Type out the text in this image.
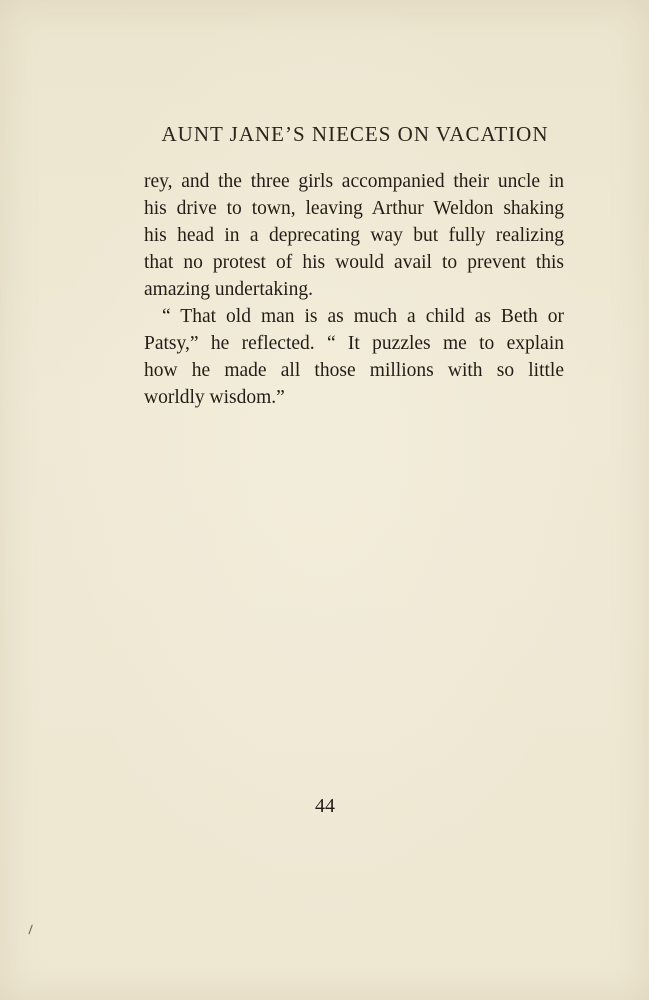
AUNT JANE’S NIECES ON VACATION
rey, and the three girls accompanied their uncle in
his drive to town, leaving Arthur Weldon shaking
his head in a deprecating way but fully realizing
that no protest of his would avail to prevent this
amazing undertaking.
“ That old man is as much a child as Beth or
Patsy,” he reflected. “ It puzzles me to explain
how he made all those millions with so little
worldly wisdom.”
44
